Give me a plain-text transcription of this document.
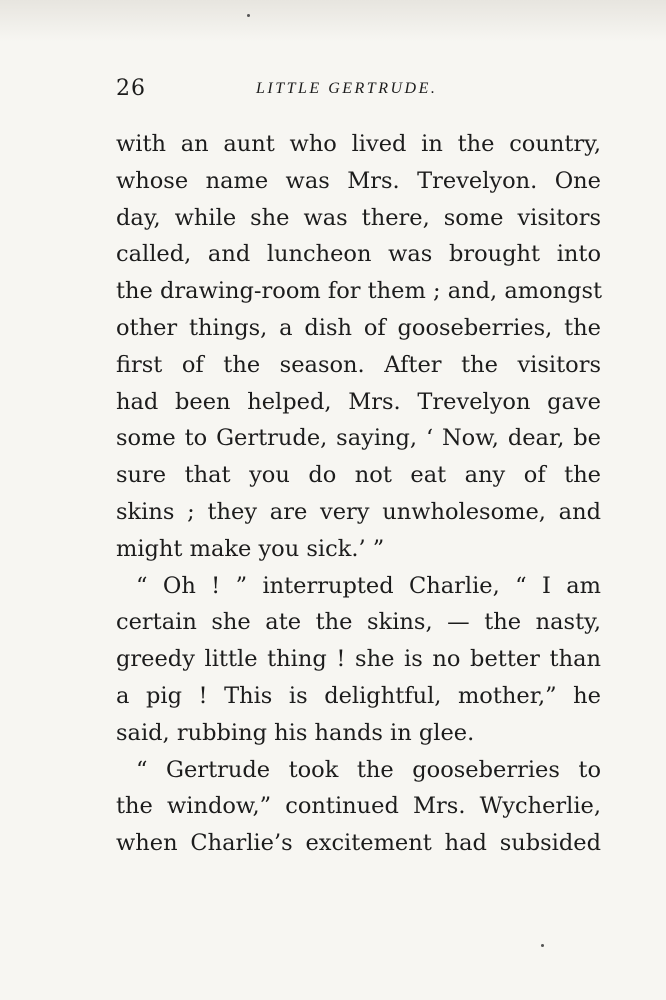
26	LITTLE GERTRUDE.
with an aunt who lived in the country,
whose name was Mrs. Trevelyon. One
day, while she was there, some visitors
called, and luncheon was brought into
the drawing-room for them ; and, amongst
other things, a dish of gooseberries, the
first of the season. After the visitors
had been helped, Mrs. Trevelyon gave
some to Gertrude, saying, ‘ Now, dear, be
sure that you do not eat any of the
skins ; they are very unwholesome, and
might make you sick.’ ”
“ Oh ! ” interrupted Charlie, “ I am
certain she ate the skins, — the nasty,
greedy little thing ! she is no better than
a pig ! This is delightful, mother,” he
said, rubbing his hands in glee.
“ Gertrude took the gooseberries to
the window,” continued Mrs. Wycherlie,
when Charlie’s excitement had subsided
